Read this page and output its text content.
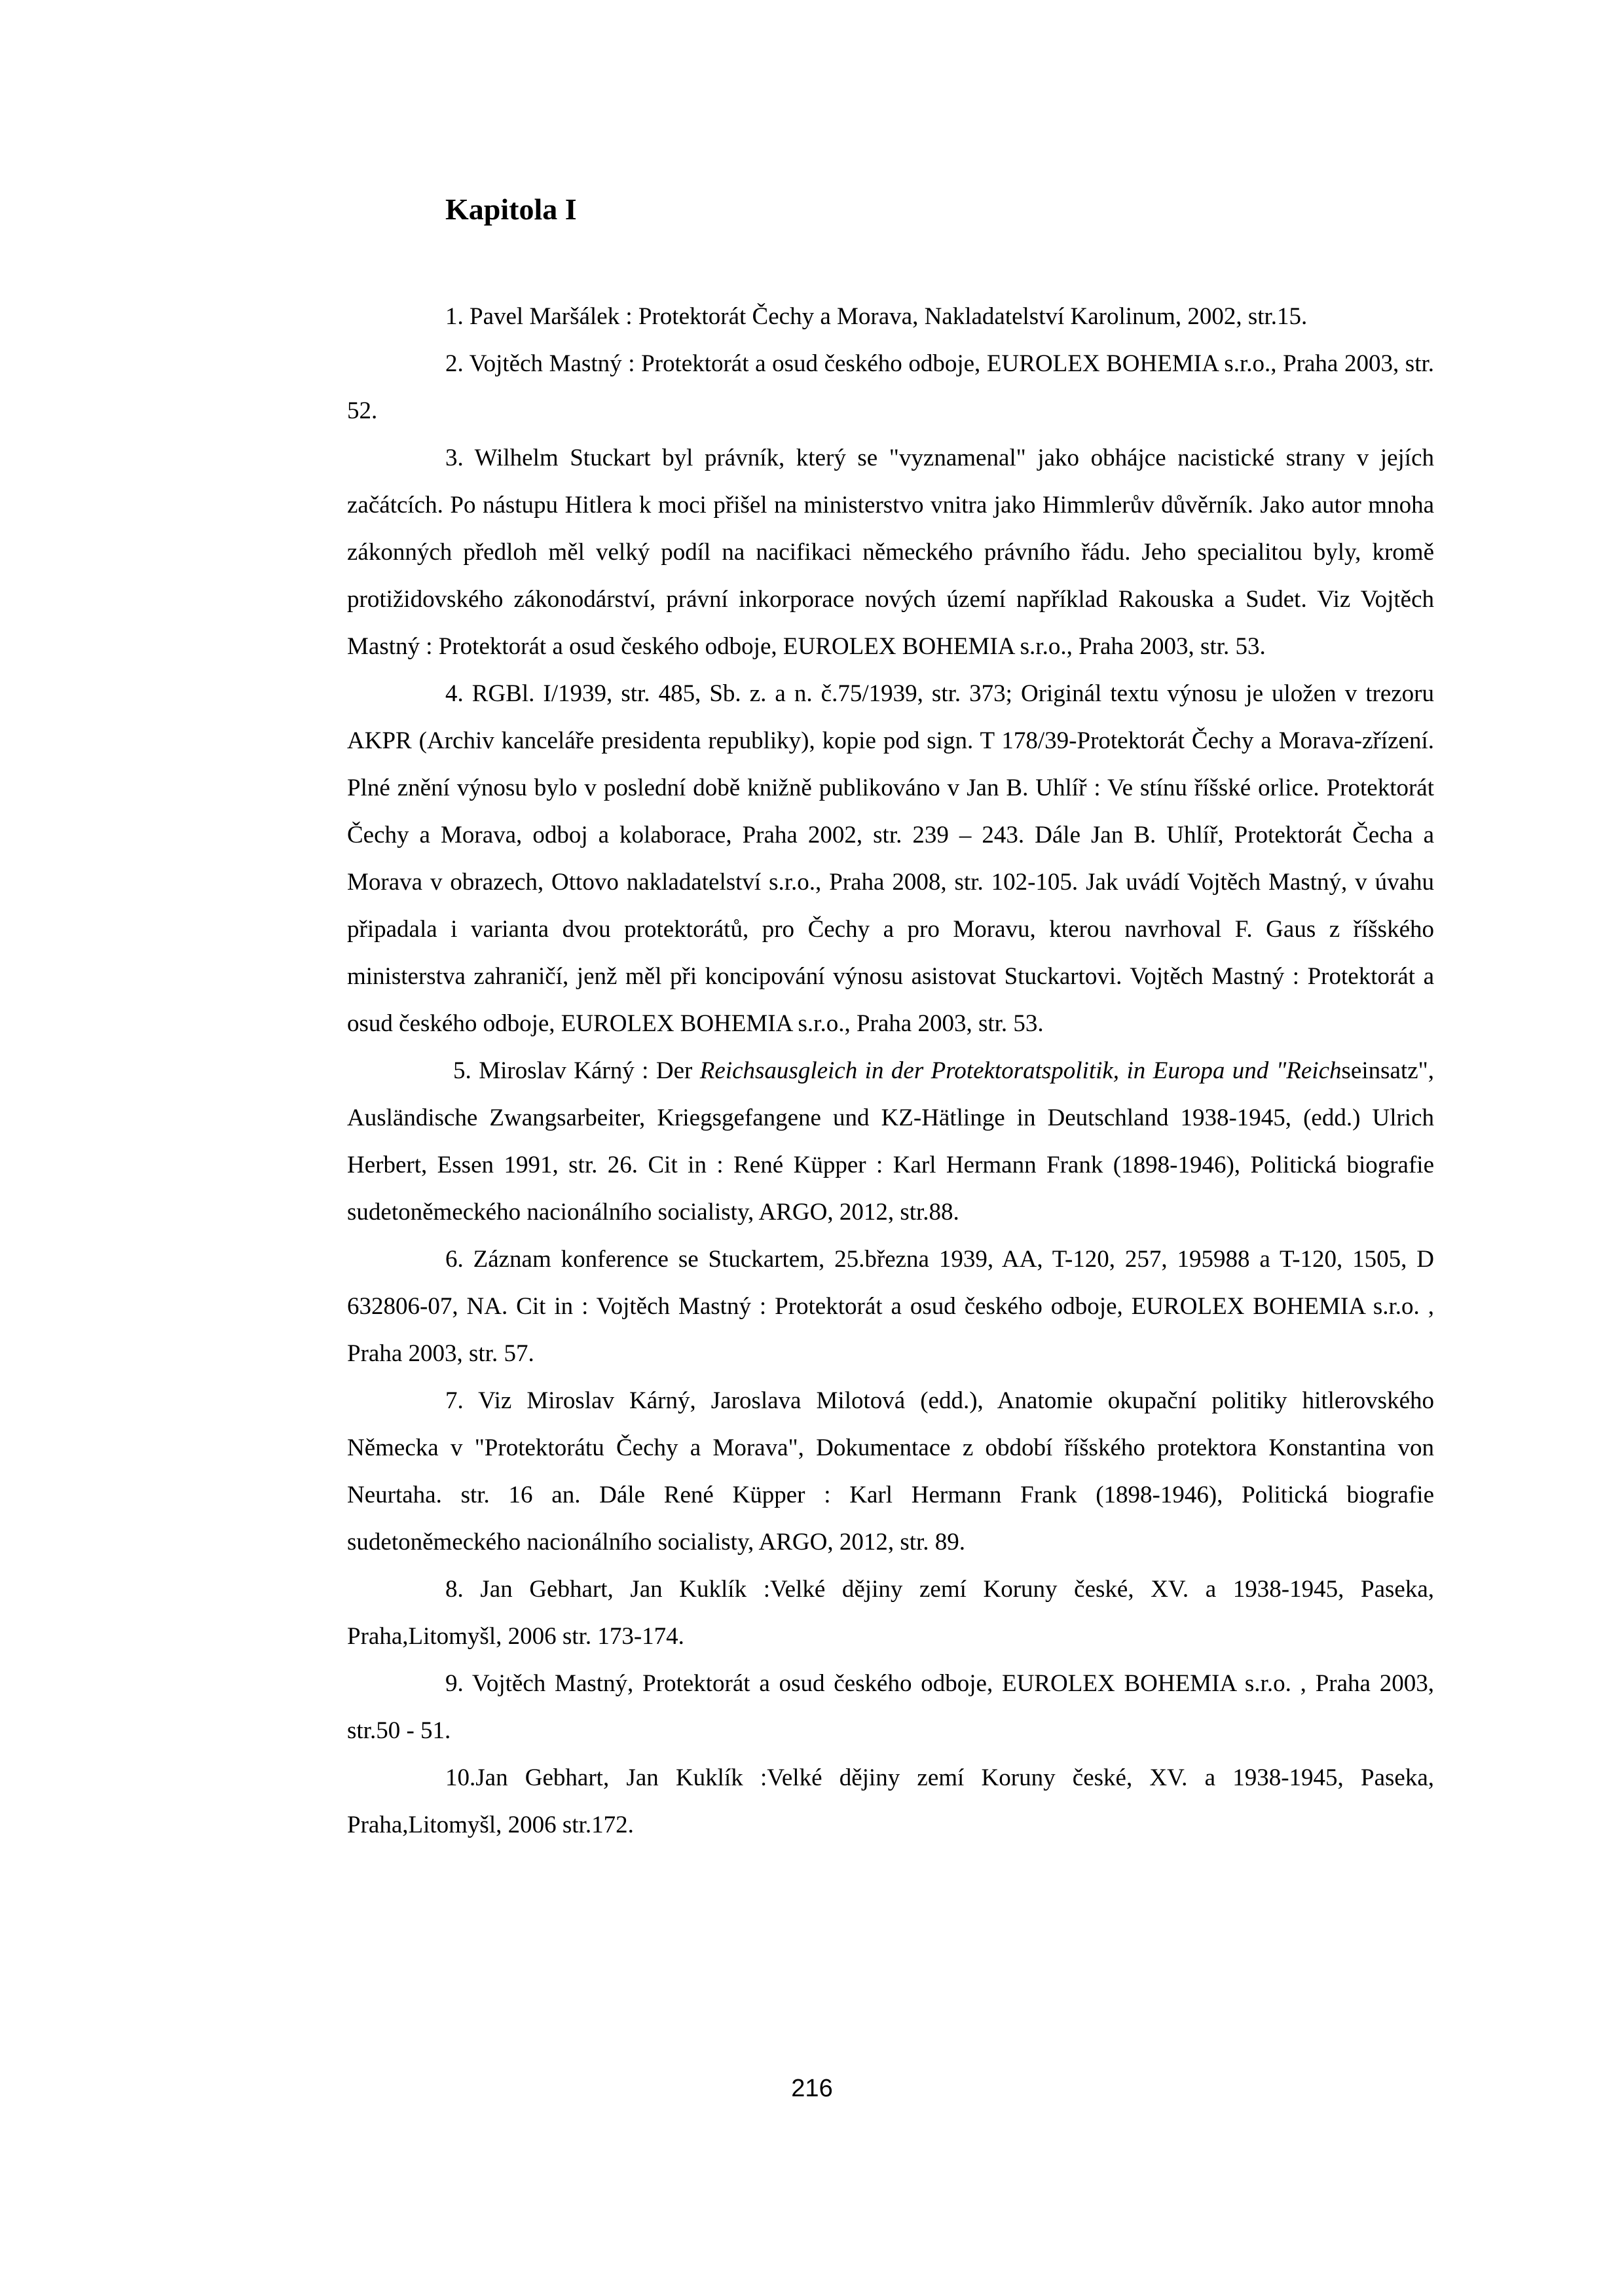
Kapitola I

1. Pavel Maršálek : Protektorát Čechy a Morava, Nakladatelství Karolinum, 2002, str.15.

2. Vojtěch Mastný : Protektorát a osud českého odboje, EUROLEX BOHEMIA s.r.o., Praha 2003, str. 52.

3. Wilhelm Stuckart byl právník, který se "vyznamenal" jako obhájce nacistické strany v jejích začátcích. Po nástupu Hitlera k moci přišel na ministerstvo vnitra jako Himmlerův důvěrník. Jako autor mnoha zákonných předloh měl velký podíl na nacifikaci německého právního řádu. Jeho specialitou byly, kromě protižidovského zákonodárství, právní inkorporace nových území například Rakouska a Sudet. Viz Vojtěch Mastný : Protektorát a osud českého odboje, EUROLEX BOHEMIA s.r.o., Praha 2003, str. 53.

4. RGBl. I/1939, str. 485, Sb. z. a n. č.75/1939, str. 373; Originál textu výnosu je uložen v trezoru AKPR (Archiv kanceláře presidenta republiky), kopie pod sign. T 178/39-Protektorát Čechy a Morava-zřízení. Plné znění výnosu bylo v poslední době knižně publikováno v Jan B. Uhlíř : Ve stínu říšské orlice. Protektorát Čechy a Morava, odboj a kolaborace, Praha 2002, str. 239 – 243. Dále Jan B. Uhlíř, Protektorát Čecha a Morava v obrazech, Ottovo nakladatelství s.r.o., Praha 2008, str. 102-105. Jak uvádí Vojtěch Mastný, v úvahu připadala i varianta dvou protektorátů, pro Čechy a pro Moravu, kterou navrhoval F. Gaus z říšského ministerstva zahraničí, jenž měl při koncipování výnosu asistovat Stuckartovi. Vojtěch Mastný : Protektorát a osud českého odboje, EUROLEX BOHEMIA s.r.o., Praha 2003, str. 53.

5. Miroslav Kárný : Der Reichsausgleich in der Protektoratspolitik, in Europa und "Reichseinsatz", Ausländische Zwangsarbeiter, Kriegsgefangene und KZ-Hätlinge in Deutschland 1938-1945, (edd.) Ulrich Herbert, Essen 1991, str. 26. Cit in : René Küpper : Karl Hermann Frank (1898-1946), Politická biografie sudetoněmeckého nacionálního socialisty, ARGO, 2012, str.88.

6. Záznam konference se Stuckartem, 25.března 1939, AA, T-120, 257, 195988 a T-120, 1505, D 632806-07, NA. Cit in : Vojtěch Mastný : Protektorát a osud českého odboje, EUROLEX BOHEMIA s.r.o. , Praha 2003, str. 57.

7. Viz Miroslav Kárný, Jaroslava Milotová (edd.), Anatomie okupační politiky hitlerovského Německa v "Protektorátu Čechy a Morava", Dokumentace z období říšského protektora Konstantina von Neurtaha. str. 16 an. Dále René Küpper : Karl Hermann Frank (1898-1946), Politická biografie sudetoněmeckého nacionálního socialisty, ARGO, 2012, str. 89.

8. Jan Gebhart, Jan Kuklík :Velké dějiny zemí Koruny české, XV. a 1938-1945, Paseka, Praha,Litomyšl, 2006 str. 173-174.

9. Vojtěch Mastný, Protektorát a osud českého odboje, EUROLEX BOHEMIA s.r.o. , Praha 2003, str.50 - 51.

10.Jan Gebhart, Jan Kuklík :Velké dějiny zemí Koruny české, XV. a 1938-1945, Paseka, Praha,Litomyšl, 2006 str.172.

216
